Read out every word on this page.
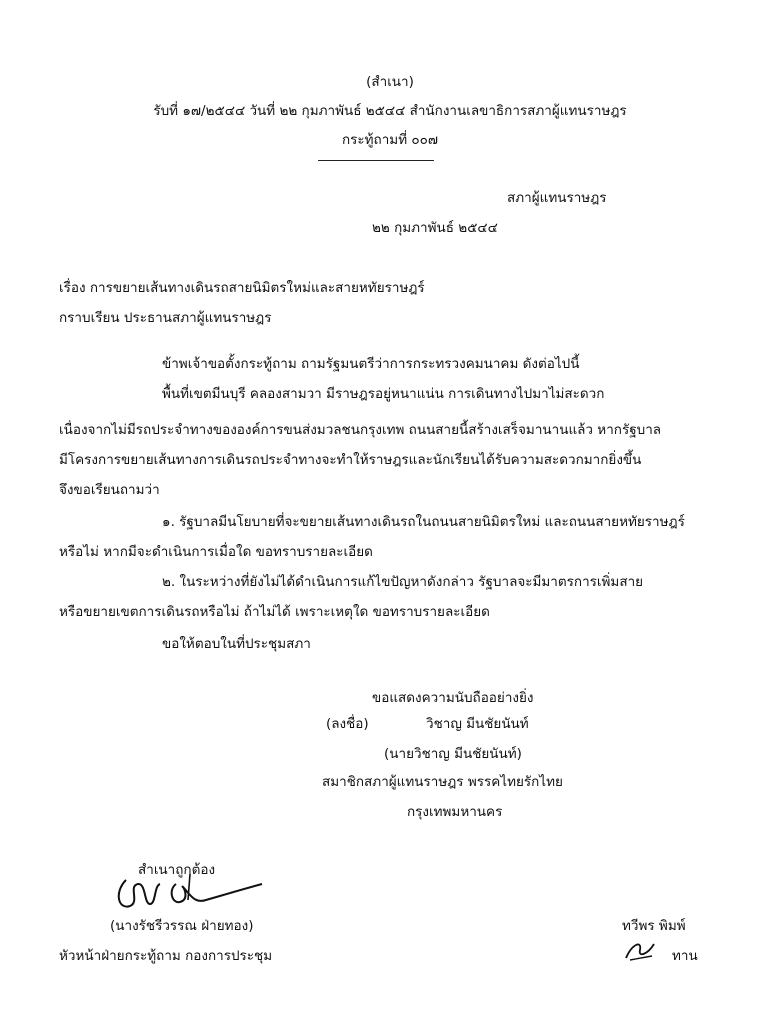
(สำเนา)
รับที่ ๑๗/๒๕๔๔ วันที่ ๒๒ กุมภาพันธ์ ๒๕๔๔ สำนักงานเลขาธิการสภาผู้แทนราษฎร
กระทู้ถามที่ ๐๐๗
สภาผู้แทนราษฎร
๒๒ กุมภาพันธ์ ๒๕๔๔
เรื่อง การขยายเส้นทางเดินรถสายนิมิตรใหม่และสายหทัยราษฎร์
กราบเรียน ประธานสภาผู้แทนราษฎร
ข้าพเจ้าขอตั้งกระทู้ถาม ถามรัฐมนตรีว่าการกระทรวงคมนาคม ดังต่อไปนี้
พื้นที่เขตมีนบุรี คลองสามวา มีราษฎรอยู่หนาแน่น การเดินทางไปมาไม่สะดวก
เนื่องจากไม่มีรถประจำทางขององค์การขนส่งมวลชนกรุงเทพ ถนนสายนี้สร้างเสร็จมานานแล้ว หากรัฐบาล
มีโครงการขยายเส้นทางการเดินรถประจำทางจะทำให้ราษฎรและนักเรียนได้รับความสะดวกมากยิ่งขึ้น
จึงขอเรียนถามว่า
๑. รัฐบาลมีนโยบายที่จะขยายเส้นทางเดินรถในถนนสายนิมิตรใหม่ และถนนสายหทัยราษฎร์
หรือไม่ หากมีจะดำเนินการเมื่อใด ขอทราบรายละเอียด
๒. ในระหว่างที่ยังไม่ได้ดำเนินการแก้ไขปัญหาดังกล่าว รัฐบาลจะมีมาตรการเพิ่มสาย
หรือขยายเขตการเดินรถหรือไม่ ถ้าไม่ได้ เพราะเหตุใด ขอทราบรายละเอียด
ขอให้ตอบในที่ประชุมสภา
ขอแสดงความนับถืออย่างยิ่ง
(ลงชื่อ)	วิชาญ มีนชัยนันท์
(นายวิชาญ มีนชัยนันท์)
สมาชิกสภาผู้แทนราษฎร พรรคไทยรักไทย
กรุงเทพมหานคร
สำเนาถูกต้อง
(นางรัชรีวรรณ ฝ่ายทอง)
หัวหน้าฝ่ายกระทู้ถาม กองการประชุม
ทวีพร พิมพ์
ทาน
